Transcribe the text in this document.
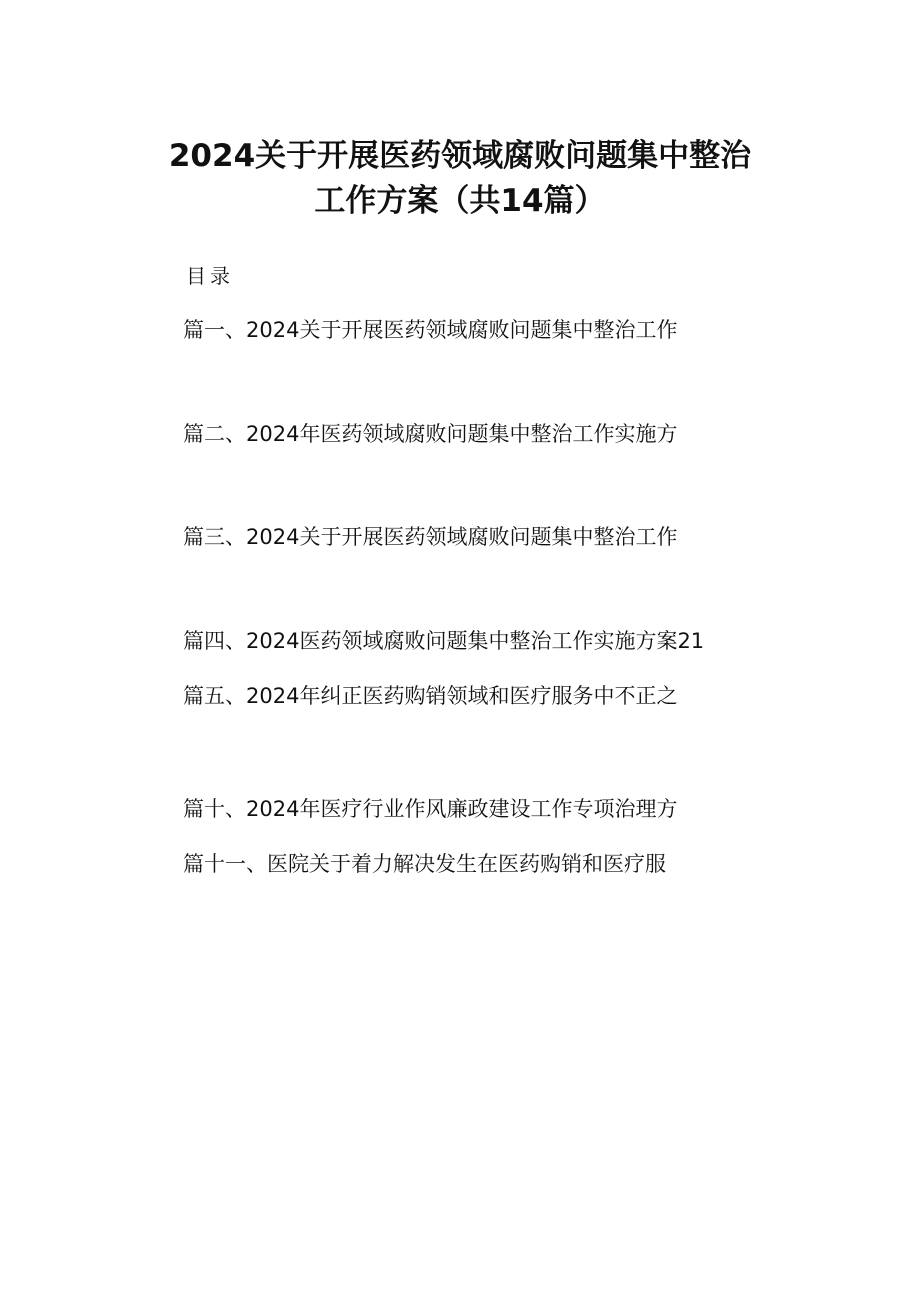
2024关于开展医药领域腐败问题集中整治
工作方案（共14篇）
目录
篇一、2024关于开展医药领域腐败问题集中整治工作
篇二、2024年医药领域腐败问题集中整治工作实施方
篇三、2024关于开展医药领域腐败问题集中整治工作
篇四、2024医药领域腐败问题集中整治工作实施方案21
篇五、2024年纠正医药购销领域和医疗服务中不正之
篇十、2024年医疗行业作风廉政建设工作专项治理方
篇十一、医院关于着力解决发生在医药购销和医疗服
